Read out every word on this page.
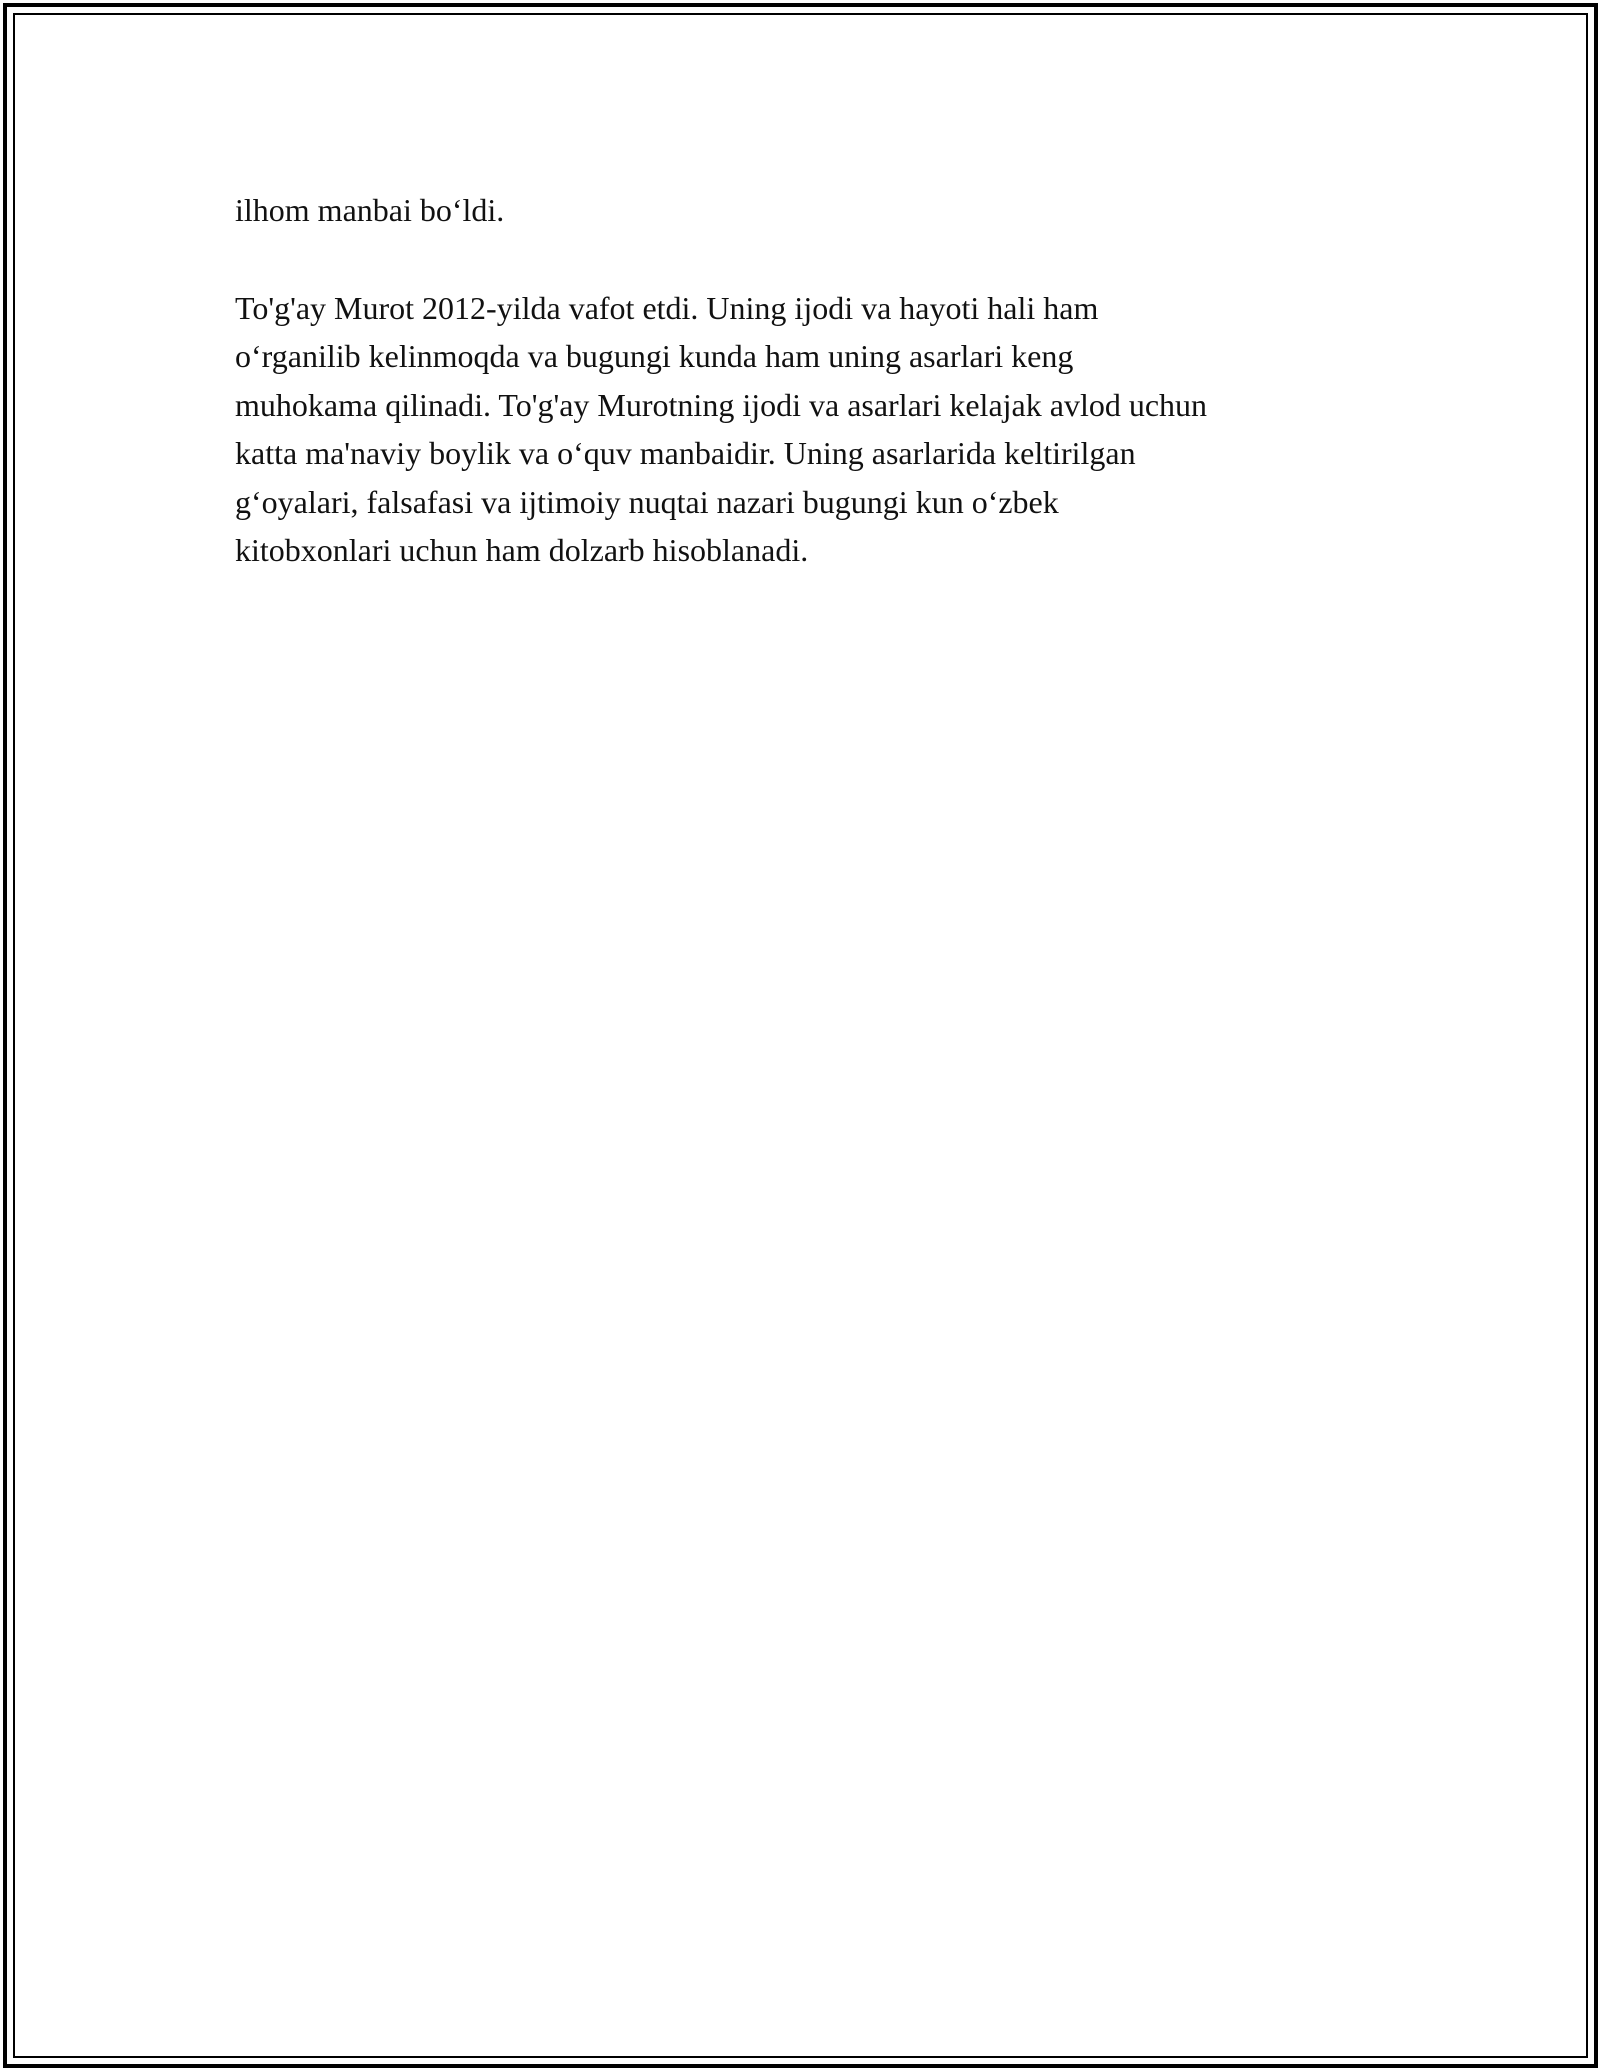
ilhom manbai bo‘ldi.
To'g'ay Murot 2012-yilda vafot etdi. Uning ijodi va hayoti hali ham
o‘rganilib kelinmoqda va bugungi kunda ham uning asarlari keng
muhokama qilinadi. To'g'ay Murotning ijodi va asarlari kelajak avlod uchun
katta ma'naviy boylik va o‘quv manbaidir. Uning asarlarida keltirilgan
g‘oyalari, falsafasi va ijtimoiy nuqtai nazari bugungi kun o‘zbek
kitobxonlari uchun ham dolzarb hisoblanadi.
